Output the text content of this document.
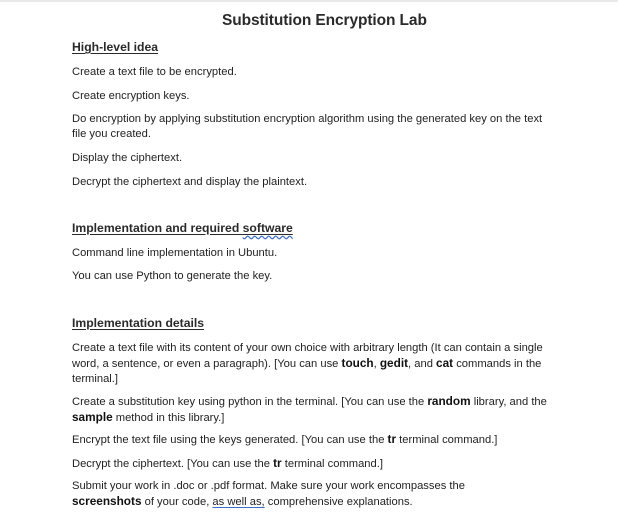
Substitution Encryption Lab
High-level idea
Create a text file to be encrypted.
Create encryption keys.
Do encryption by applying substitution encryption algorithm using the generated key on the text file you created.
Display the ciphertext.
Decrypt the ciphertext and display the plaintext.
Implementation and required software
Command line implementation in Ubuntu.
You can use Python to generate the key.
Implementation details
Create a text file with its content of your own choice with arbitrary length (It can contain a single word, a sentence, or even a paragraph). [You can use touch, gedit, and cat commands in the terminal.]
Create a substitution key using python in the terminal. [You can use the random library, and the sample method in this library.]
Encrypt the text file using the keys generated. [You can use the tr terminal command.]
Decrypt the ciphertext. [You can use the tr terminal command.]
Submit your work in .doc or .pdf format. Make sure your work encompasses the screenshots of your code, as well as, comprehensive explanations.
